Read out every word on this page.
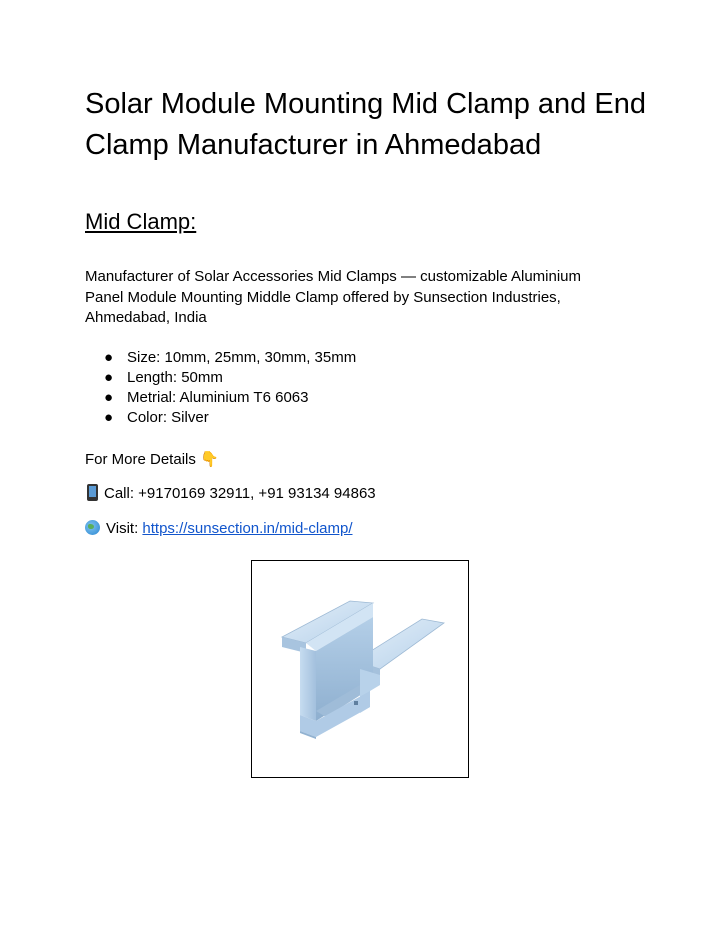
Solar Module Mounting Mid Clamp and End Clamp Manufacturer in Ahmedabad
Mid Clamp:

Manufacturer of Solar Accessories Mid Clamps — customizable Aluminium Panel Module Mounting Middle Clamp offered by Sunsection Industries, Ahmedabad, India

● Size: 10mm, 25mm, 30mm, 35mm
● Length: 50mm
● Metrial: Aluminium T6 6063
● Color: Silver

For More Details 👇

Call: +9170169 32911, +91 93134 94863

Visit: https://sunsection.in/mid-clamp/
